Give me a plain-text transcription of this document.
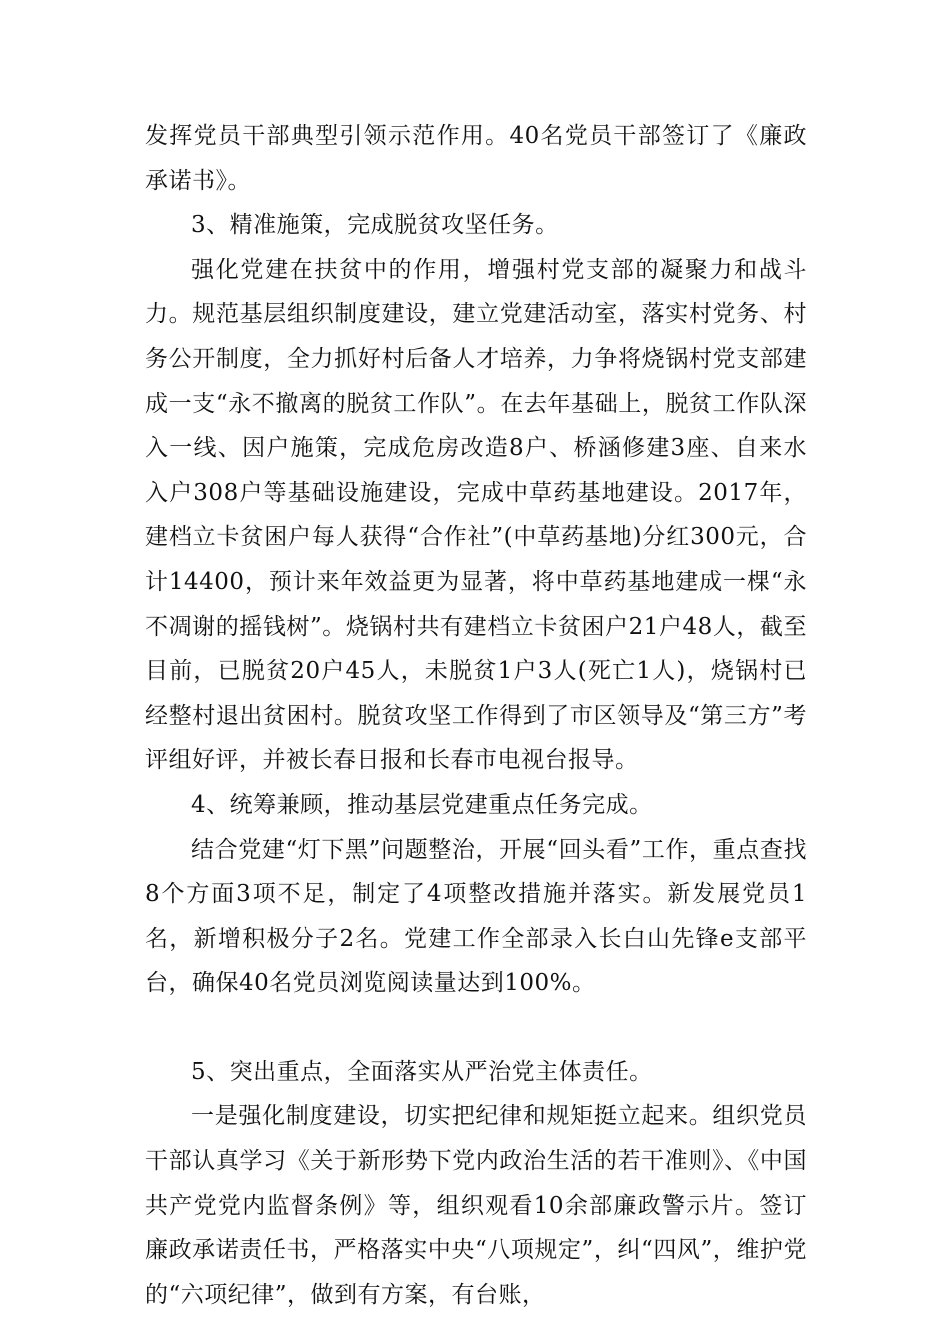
发挥党员干部典型引领示范作用。40名党员干部签订了《廉政承诺书》。

3、精准施策，完成脱贫攻坚任务。

强化党建在扶贫中的作用，增强村党支部的凝聚力和战斗力。规范基层组织制度建设，建立党建活动室，落实村党务、村务公开制度，全力抓好村后备人才培养，力争将烧锅村党支部建成一支“永不撤离的脱贫工作队”。在去年基础上，脱贫工作队深入一线、因户施策，完成危房改造8户、桥涵修建3座、自来水入户308户等基础设施建设，完成中草药基地建设。2017年，建档立卡贫困户每人获得“合作社”(中草药基地)分红300元，合计14400，预计来年效益更为显著，将中草药基地建成一棵“永不凋谢的摇钱树”。烧锅村共有建档立卡贫困户21户48人，截至目前，已脱贫20户45人，未脱贫1户3人(死亡1人)，烧锅村已经整村退出贫困村。脱贫攻坚工作得到了市区领导及“第三方”考评组好评，并被长春日报和长春市电视台报导。

4、统筹兼顾，推动基层党建重点任务完成。

结合党建“灯下黑”问题整治，开展“回头看”工作，重点查找8个方面3项不足，制定了4项整改措施并落实。新发展党员1名，新增积极分子2名。党建工作全部录入长白山先锋e支部平台，确保40名党员浏览阅读量达到100%。

5、突出重点，全面落实从严治党主体责任。

一是强化制度建设，切实把纪律和规矩挺立起来。组织党员干部认真学习《关于新形势下党内政治生活的若干准则》、《中国共产党党内监督条例》等，组织观看10余部廉政警示片。签订廉政承诺责任书，严格落实中央“八项规定”，纠“四风”，维护党的“六项纪律”，做到有方案，有台账，
